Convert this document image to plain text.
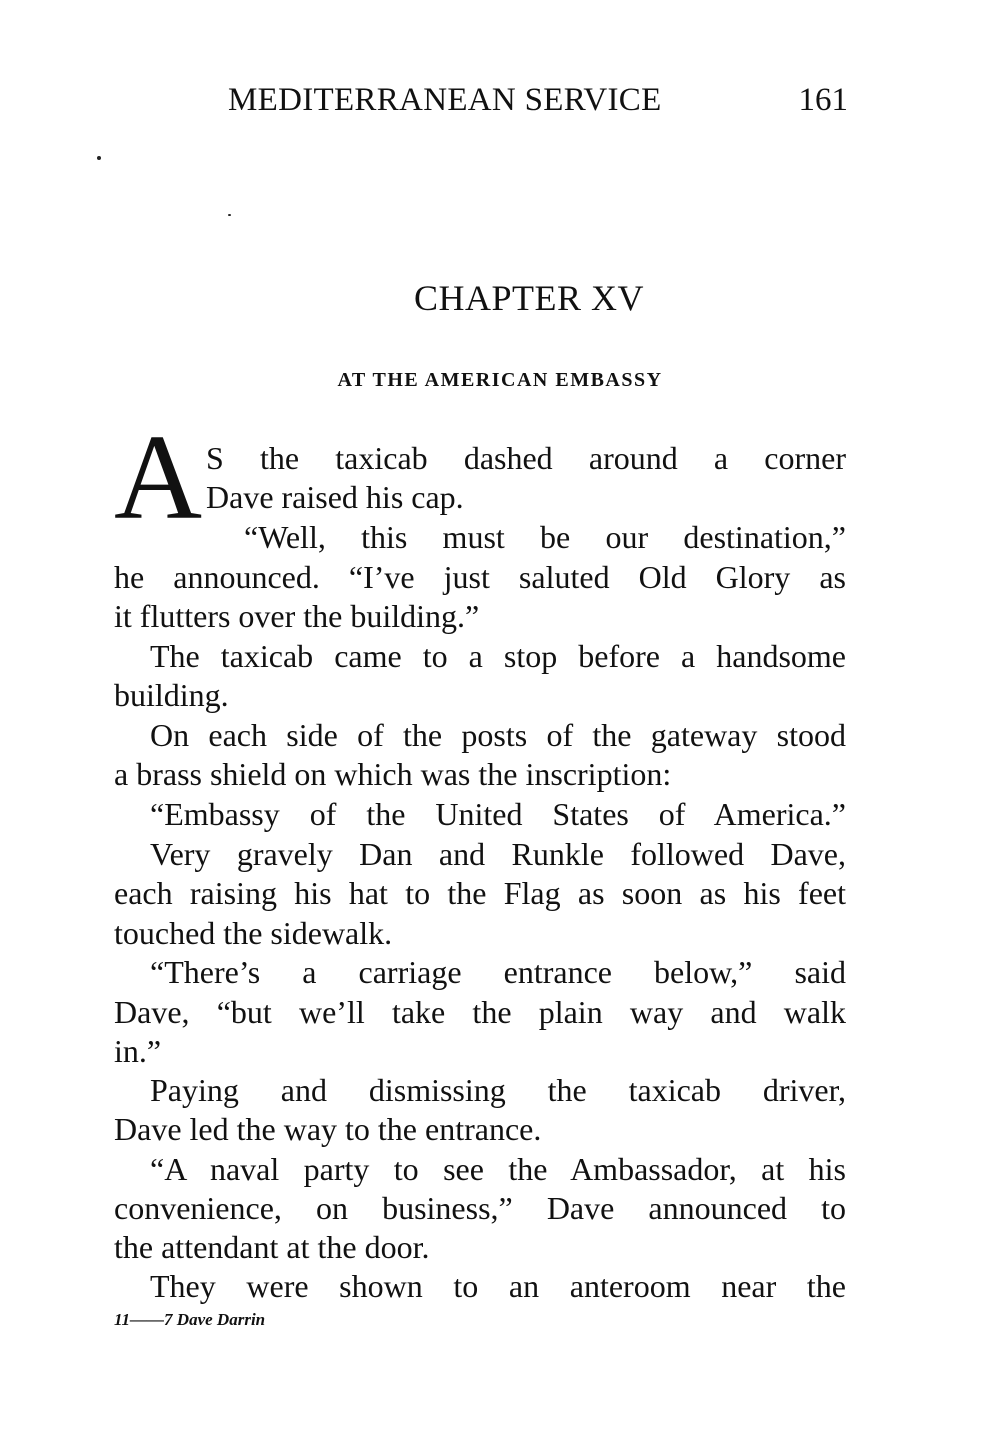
MEDITERRANEAN SERVICE	161
CHAPTER XV
AT THE AMERICAN EMBASSY
A S the taxicab dashed around a corner
Dave raised his cap.
“Well, this must be our destination,”
he announced. “I’ve just saluted Old Glory as
it flutters over the building.”
The taxicab came to a stop before a handsome
building.
On each side of the posts of the gateway stood
a brass shield on which was the inscription:
“Embassy of the United States of America.”
Very gravely Dan and Runkle followed Dave,
each raising his hat to the Flag as soon as his feet
touched the sidewalk.
“There’s a carriage entrance below,” said
Dave, “but we’ll take the plain way and walk
in.”
Paying and dismissing the taxicab driver,
Dave led the way to the entrance.
“A naval party to see the Ambassador, at his
convenience, on business,” Dave announced to
the attendant at the door.
They were shown to an anteroom near the
11——7 Dave Darrin
